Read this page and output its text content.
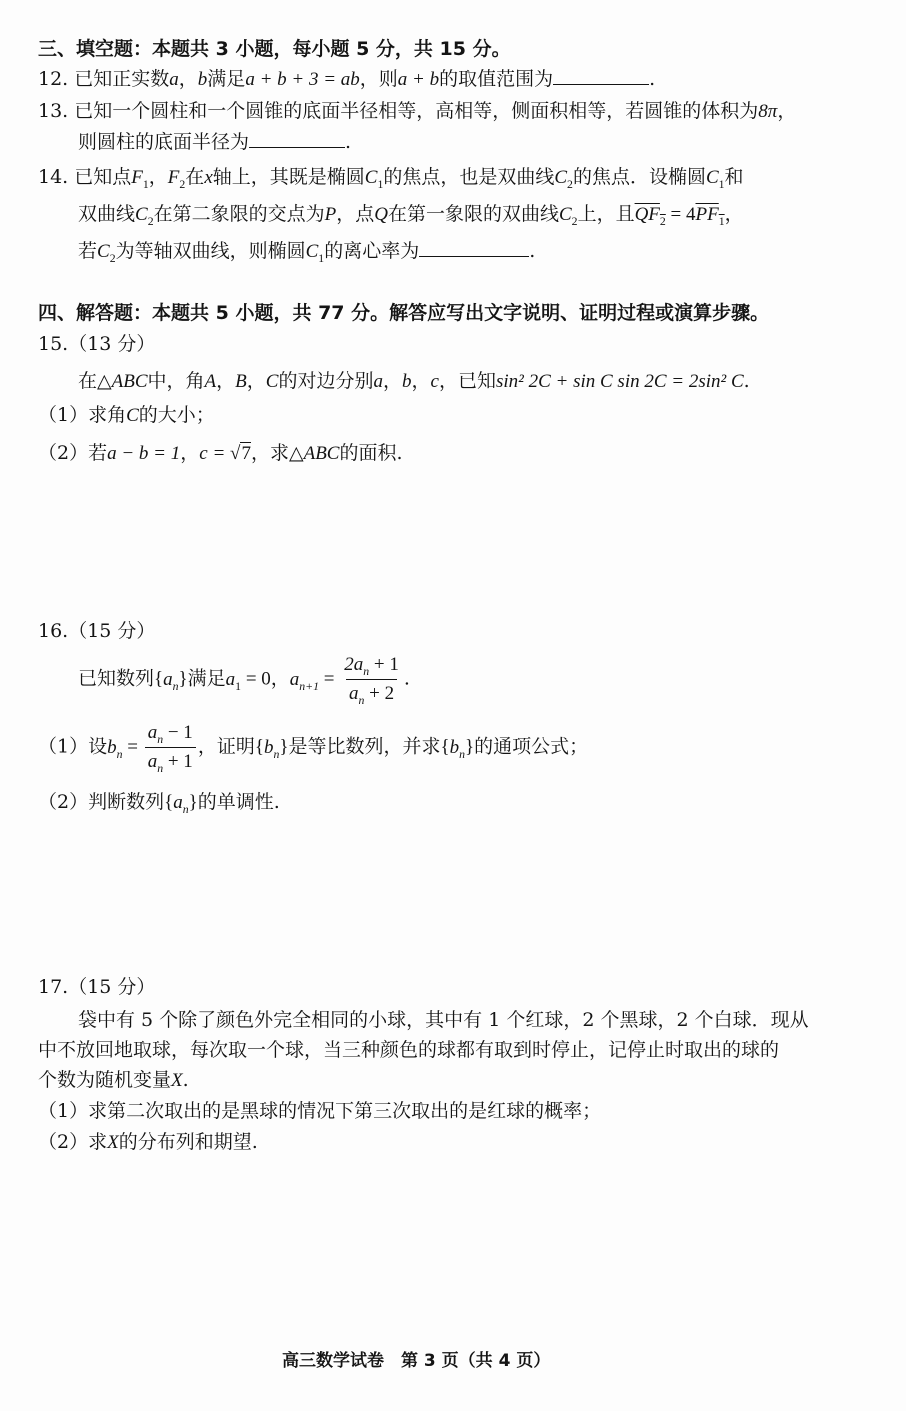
三、填空题：本题共 3 小题，每小题 5 分，共 15 分。
12. 已知正实数a，b满足a + b + 3 = ab，则a + b的取值范围为	.
13. 已知一个圆柱和一个圆锥的底面半径相等，高相等，侧面积相等，若圆锥的体积为8π，
则圆柱的底面半径为	.
14. 已知点$F_1$，$F_2$在x轴上，其既是椭圆$C_1$的焦点，也是双曲线$C_2$的焦点．设椭圆$C_1$和
双曲线$C_2$在第二象限的交点为P，点Q在第一象限的双曲线$C_2$上，且$QF_2 = 4PF_1$，
若$C_2$为等轴双曲线，则椭圆$C_1$的离心率为	.
四、解答题：本题共 5 小题，共 77 分。解答应写出文字说明、证明过程或演算步骤。
15.（13 分）
在△ABC中，角A，B，C的对边分别a，b，c，已知sin² 2C + sin C sin 2C = 2sin² C.
（1）求角C的大小；
（2）若a − b = 1，c = √7，求△ABC的面积.
16.（15 分）
已知数列$\{a_n\}$满足$a_1 = 0$，$a_{n+1} = \frac{2a_n + 1}{a_n + 2}$ .
（1）设$b_n = \frac{a_n - 1}{a_n + 1}$ ，证明$\{b_n\}$是等比数列，并求$\{b_n\}$的通项公式；
（2）判断数列$\{a_n\}$的单调性.
17.（15 分）
袋中有 5 个除了颜色外完全相同的小球，其中有 1 个红球，2 个黑球，2 个白球．现从
中不放回地取球，每次取一个球，当三种颜色的球都有取到时停止，记停止时取出的球的
个数为随机变量X.
（1）求第二次取出的是黑球的情况下第三次取出的是红球的概率；
（2）求X的分布列和期望.
高三数学试卷　第 3 页（共 4 页）
